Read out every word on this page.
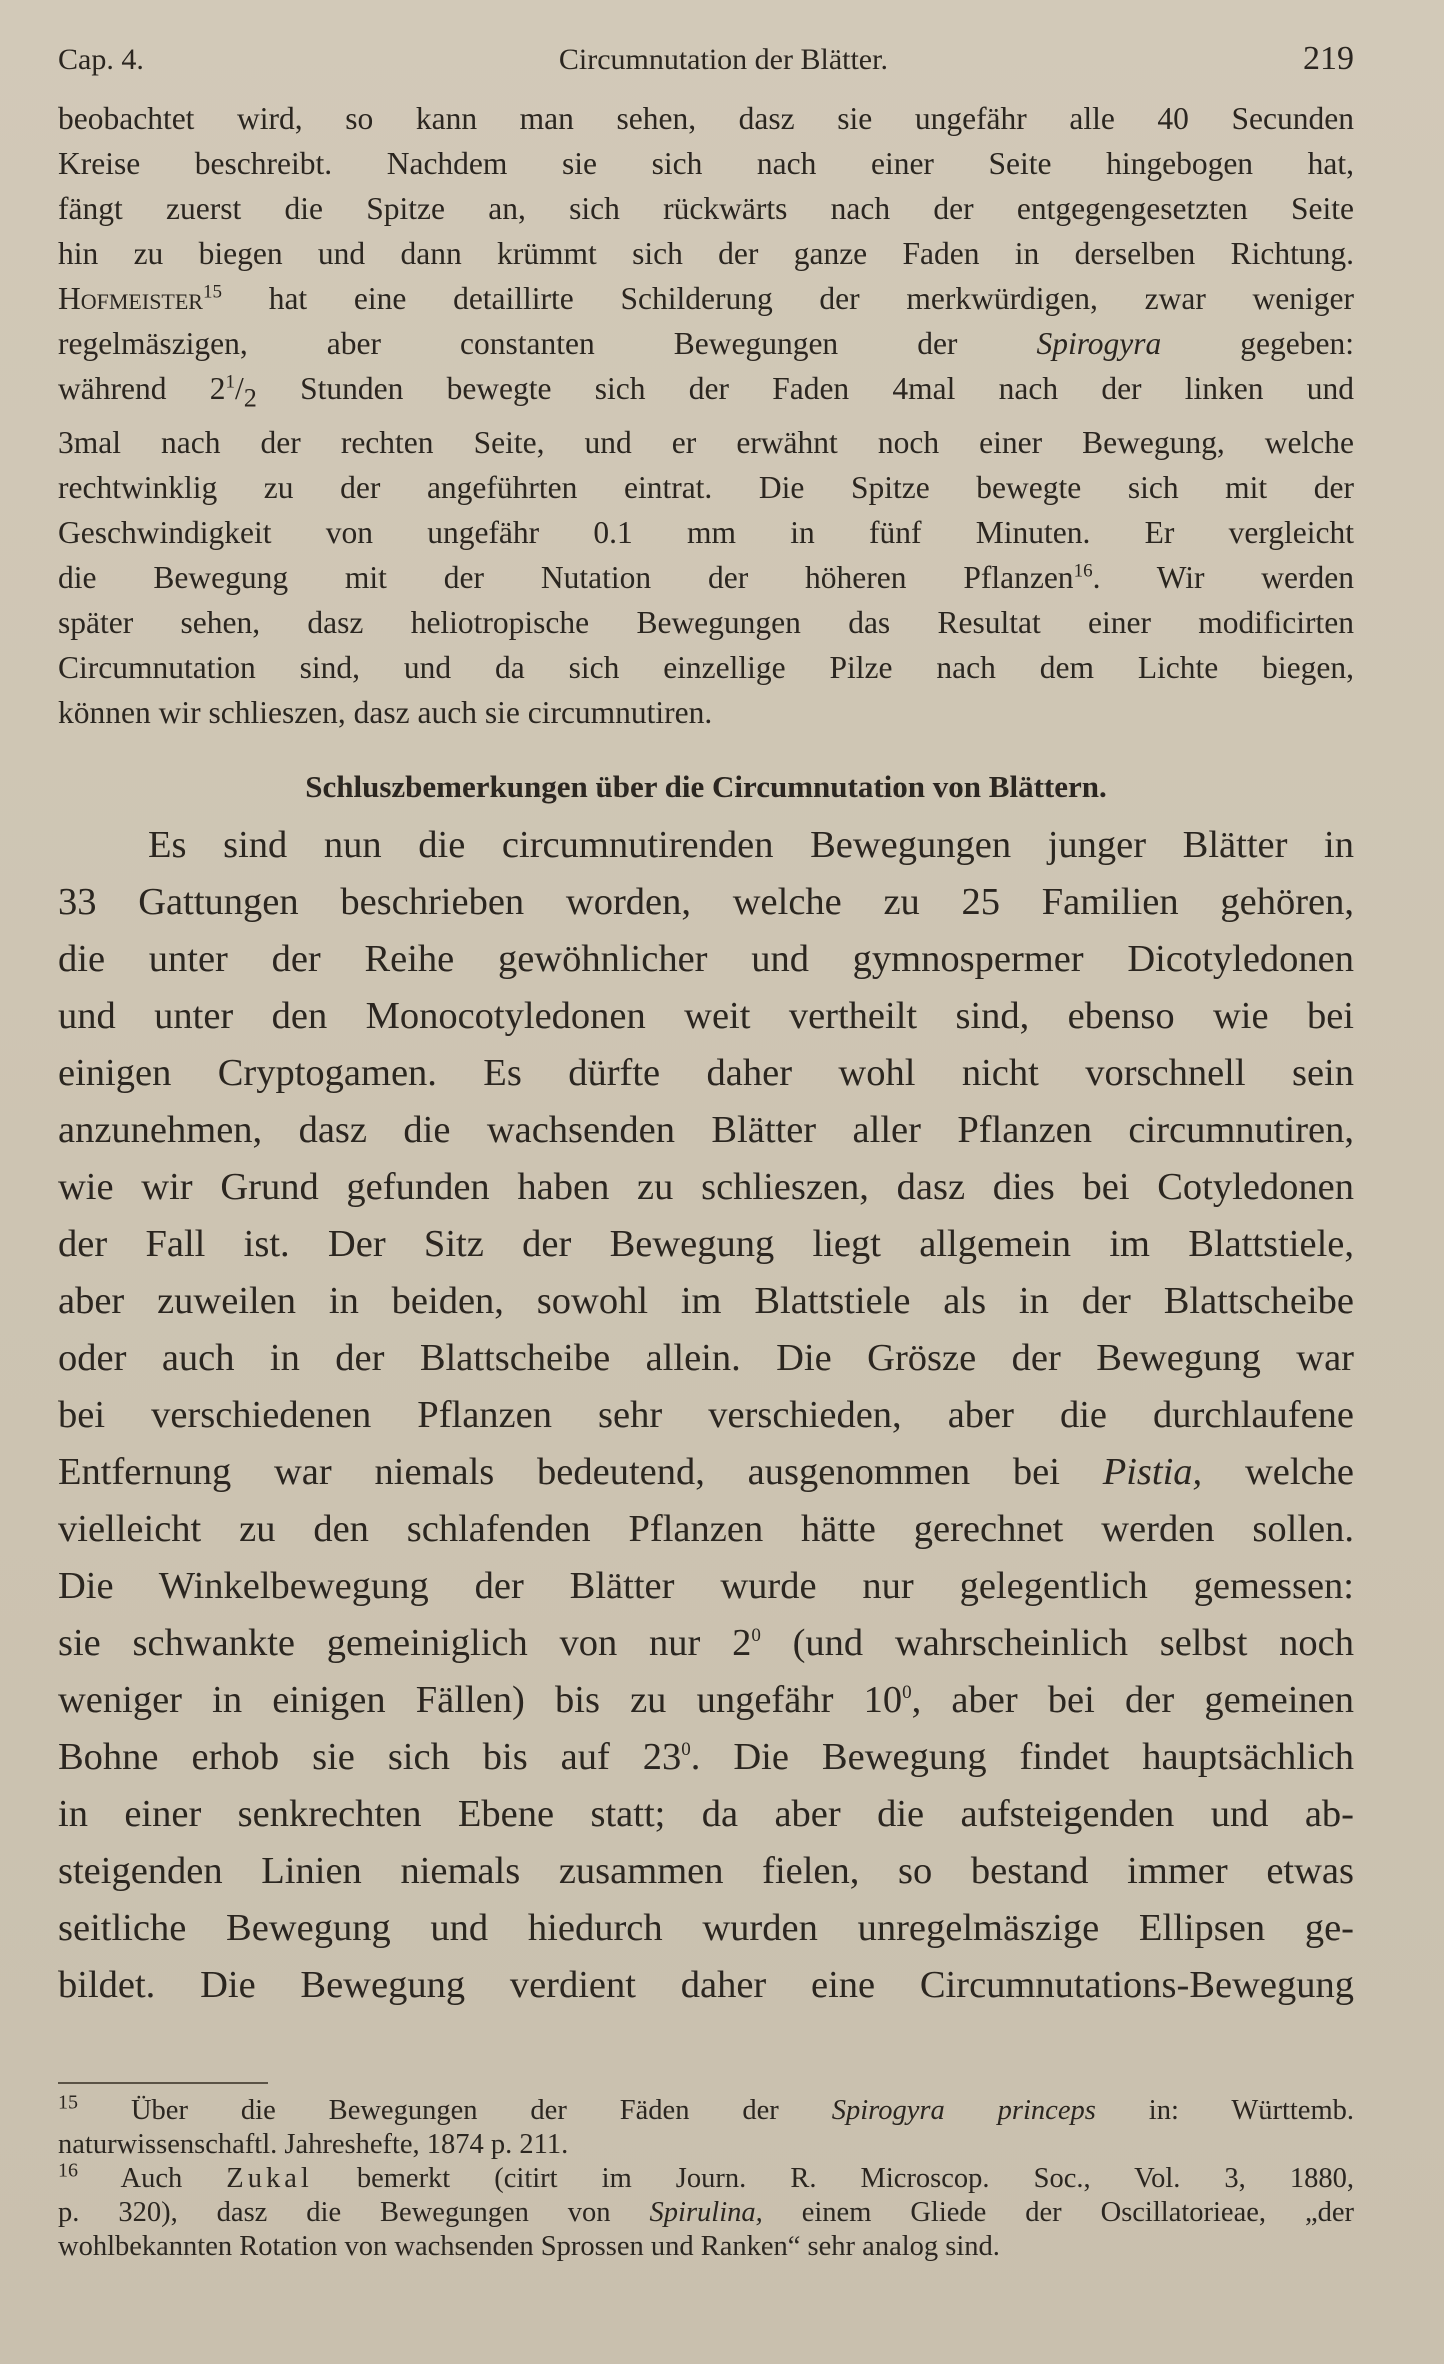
Cap. 4.	Circumnutation der Blätter.	219

beobachtet wird, so kann man sehen, dasz sie ungefähr alle 40 Secunden

Kreise beschreibt. Nachdem sie sich nach einer Seite hingebogen hat,

fängt zuerst die Spitze an, sich rückwärts nach der entgegengesetzten Seite

hin zu biegen und dann krümmt sich der ganze Faden in derselben Richtung.

Hofmeister$^{15}$ hat eine detaillirte Schilderung der merkwürdigen, zwar weniger

regelmäszigen, aber constanten Bewegungen der Spirogyra gegeben:

während $2^1/_2$ Stunden bewegte sich der Faden 4mal nach der linken und

3mal nach der rechten Seite, und er erwähnt noch einer Bewegung, welche

rechtwinklig zu der angeführten eintrat. Die Spitze bewegte sich mit der

Geschwindigkeit von ungefähr 0.1 mm in fünf Minuten. Er vergleicht

die Bewegung mit der Nutation der höheren Pflanzen$^{16}$. Wir werden

später sehen, dasz heliotropische Bewegungen das Resultat einer modificirten

Circumnutation sind, und da sich einzellige Pilze nach dem Lichte biegen,

können wir schlieszen, dasz auch sie circumnutiren.

Schluszbemerkungen über die Circumnutation von Blättern.

Es sind nun die circumnutirenden Bewegungen junger Blätter in

33 Gattungen beschrieben worden, welche zu 25 Familien gehören,

die unter der Reihe gewöhnlicher und gymnospermer Dicotyledonen

und unter den Monocotyledonen weit vertheilt sind, ebenso wie bei

einigen Cryptogamen. Es dürfte daher wohl nicht vorschnell sein

anzunehmen, dasz die wachsenden Blätter aller Pflanzen circumnutiren,

wie wir Grund gefunden haben zu schlieszen, dasz dies bei Cotyledonen

der Fall ist. Der Sitz der Bewegung liegt allgemein im Blattstiele,

aber zuweilen in beiden, sowohl im Blattstiele als in der Blattscheibe

oder auch in der Blattscheibe allein. Die Grösze der Bewegung war

bei verschiedenen Pflanzen sehr verschieden, aber die durchlaufene

Entfernung war niemals bedeutend, ausgenommen bei Pistia, welche

vielleicht zu den schlafenden Pflanzen hätte gerechnet werden sollen.

Die Winkelbewegung der Blätter wurde nur gelegentlich gemessen:

sie schwankte gemeiniglich von nur $2^0$ (und wahrscheinlich selbst noch

weniger in einigen Fällen) bis zu ungefähr $10^0$, aber bei der gemeinen

Bohne erhob sie sich bis auf $23^0$. Die Bewegung findet hauptsächlich

in einer senkrechten Ebene statt; da aber die aufsteigenden und ab-

steigenden Linien niemals zusammen fielen, so bestand immer etwas

seitliche Bewegung und hiedurch wurden unregelmäszige Ellipsen ge-

bildet. Die Bewegung verdient daher eine Circumnutations-Bewegung

$^{15}$ Über die Bewegungen der Fäden der Spirogyra princeps in: Württemb.

naturwissenschaftl. Jahreshefte, 1874 p. 211.

$^{16}$ Auch Zukal bemerkt (citirt im Journ. R. Microscop. Soc., Vol. 3, 1880,

p. 320), dasz die Bewegungen von Spirulina, einem Gliede der Oscillatorieae, „der

wohlbekannten Rotation von wachsenden Sprossen und Ranken“ sehr analog sind.
